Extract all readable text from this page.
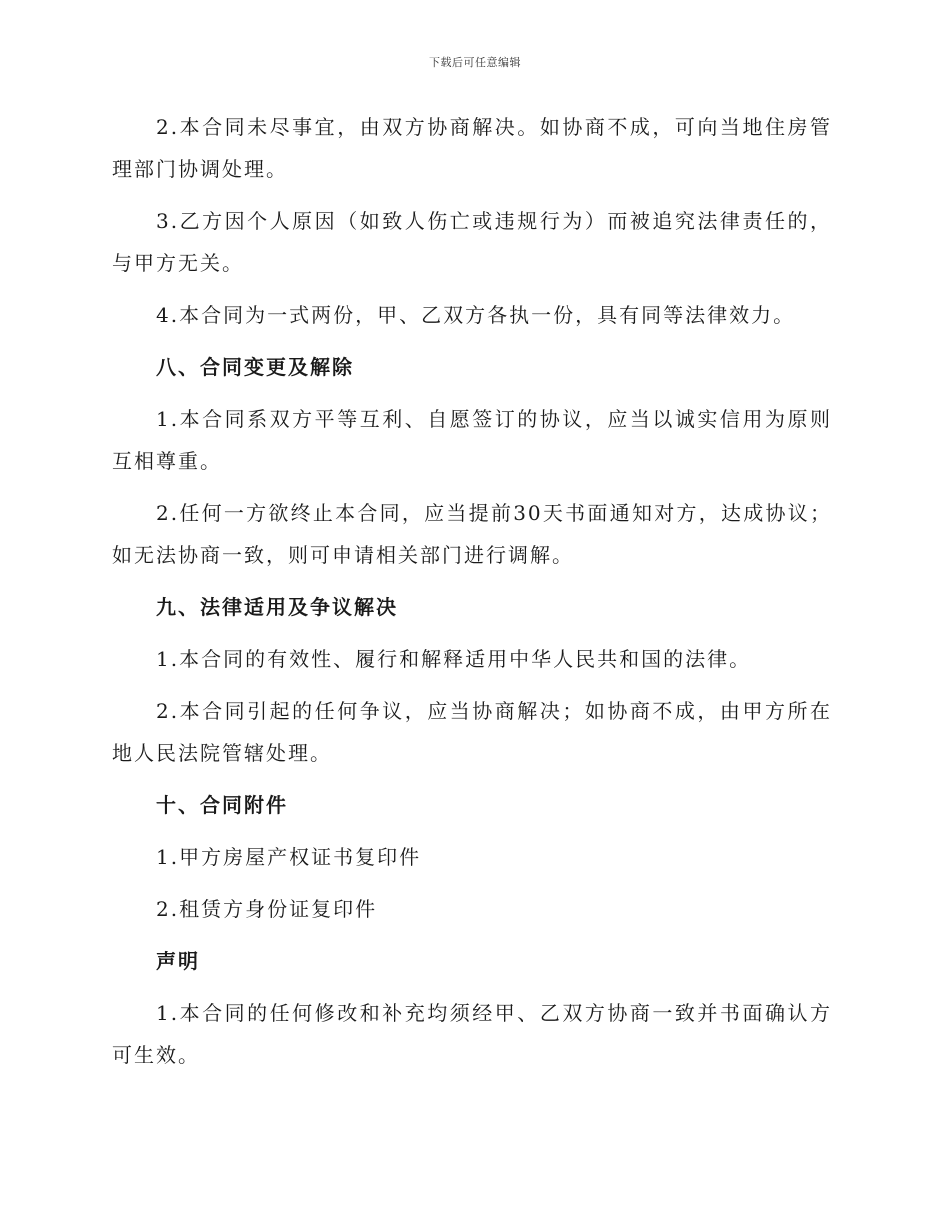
下载后可任意编辑

2.本合同未尽事宜，由双方协商解决。如协商不成，可向当地住房管理部门协调处理。

3.乙方因个人原因（如致人伤亡或违规行为）而被追究法律责任的，与甲方无关。

4.本合同为一式两份，甲、乙双方各执一份，具有同等法律效力。

八、合同变更及解除

1.本合同系双方平等互利、自愿签订的协议，应当以诚实信用为原则互相尊重。

2.任何一方欲终止本合同，应当提前30天书面通知对方，达成协议；如无法协商一致，则可申请相关部门进行调解。

九、法律适用及争议解决

1.本合同的有效性、履行和解释适用中华人民共和国的法律。

2.本合同引起的任何争议，应当协商解决；如协商不成，由甲方所在地人民法院管辖处理。

十、合同附件

1.甲方房屋产权证书复印件

2.租赁方身份证复印件

声明

1.本合同的任何修改和补充均须经甲、乙双方协商一致并书面确认方可生效。
